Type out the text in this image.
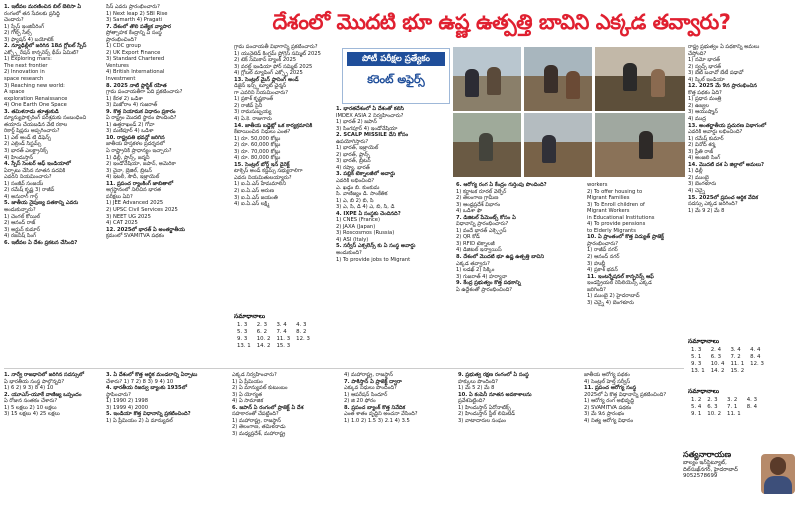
1. ఇటీవల మరణించిన బిల్ బెలిసా ఏ

రంగంలో తన సేవలకు ప్రసిద్ధి

చెందారు?

1) స్పేస్ ఇంజినీరింగ్

2) గోల్ఫ్ సేల్స్

3) ఫ్యాషన్ 4) బయోటెక్

2. న్యూఢిల్లీలో జరిగిన 18వ గ్లోబల్ స్పేస్

ఎక్స్ప్లోరేషన్ కాన్ఫరెన్స్ థీమ్ ఏమిటి?

1) Exploring mars:

The next frontier

2) Innovation in

space research

3) Reaching new world:

A space

exploration Renaissance

4) One Earth One Space

3. తమిళనాడు తూత్తుకుడి

మ్యాన్యుఫాక్చరింగ్ పరిశ్రమకు సంబంధించి

తయారు చేయబడిన వేటి రకాల

రికార్డ్ షిప్లను అప్పగించారు?

1) ఎల్ అండ్ టి డిఫెన్స్

2) ఎల్రిండ్ సిస్టమ్స్

3) భారత్ ఎలక్ట్రానిక్స్

4) హిందుస్తాన్

4. స్పేస్ సెంటర్ ఆఫ్ ఇండియాలో

ఏర్పాటు చేసిన నూతన పదవికి

ఎవరిని నియమించారు?

1) సంజీవ్ సంజయ్

2) రమేష్ కృష్ణ 3) రాజీవ్

4) అనురాగ్ గార్గ్

5. జాతీయ నైపుణ్య పతకాన్ని ఎవరు

అందుకున్నారు?

1) చెంగల్ కోయిల్

2) ఆనంద్ రాజ్

3) అర్జున్ కుమార్

4) రజనీష్ సింగ్

6. ఇటీవల ఏ దేశం ప్రకటన చేసింది?

సిస్ ఎవరు ప్రారంభించారు?

1) Next leap 2) SBI Rise

3) Samarth 4) Pragati

7. దేశంలో తొలి పత్యేక వ్యాపార

ప్రోత్సాహక కేంద్రాన్ని ఏ సంస్థ

ప్రారంభించింది?

1) CDC group

2) UK Export Finance

3) Standard Chartered

Ventures

4) British International

Investment

8. 2025 నాటి ప్లాస్టిక్ రహిత

గ్రామ పంచాయతీగా ఏది ప్రకటించారు?

1) కేరళ 2) ఒడిశా

3) మిజోరాం 4) గుజరాత్

9. కొత్త నియామక విధానం ప్రకారం

ఏ రాష్ట్రం మొదటి స్థానం పొందింది?

1) ఉత్తరాఖండ్ 2) గోవా

3) మణిపూర్ 4) ఒడిశా

10. రాష్ట్రపతి భవన్లో జరిగిన

జాతీయ హస్తకళల ప్రదర్శనలో

ఏ రాష్ట్రానికి ప్రాధాన్యం ఇచ్చారు?

1) ఢిల్లీ, ప్రాన్స్, జర్మనీ

2) ఇండోనేషియా, జపాన్, అమెరికా

3) చైనా, బ్రెజిల్, బ్రిటన్

4) ఇటలీ, సౌదీ, ఇజ్రాయెల్

11. ప్రపంచ ర్యాంకింగ్ జాబితాలో

అగ్రస్థానంలో నిలిచిన భారత

పరీక్షలు ఏవి?

1) JEE Advanced 2025

2) UPSC Civil Services 2025

3) NEET UG 2025

4) CAT 2025

12. 2025లో భారత్ ఏ అంతర్జాతీయ

క్రమంలో SVAMITVA పథకం

గ్రామ పంచాయతీ విభాగాన్ని ప్రకటించారు?

1) యునైటెడ్ కింగ్డమ్ ప్రోగ్రెస్ సమ్మిట్ 2025

2) టెక్ సెమికాన్ బ్యాంక్ 2025

3) వరల్డ్ ఇండియా ఫోర్ సమ్మిట్ 2025

4) గ్లోబల్ మ్యాపింగ్ ఎక్స్పో 2025

13. సెంట్రల్ మైన్ ప్లానింగ్ అండ్

డిజైన్ ఇన్స్టిట్యూట్ ఛైర్మన్

గా ఎవరిని నియమించారు?

1) ప్రకాశ్ కృష్ణకాంత్

2) రాజీవ్ సైనీ

3) రామసుబ్బయ్య

4) ఏ.కె. రాజుగారు

14. జాతీయ బడ్జెట్లో ఒక కార్యక్రమానికి

కేటాయించిన నిధులు ఎంత?

1) రూ. 50,000 కోట్లు

2) రూ. 60,000 కోట్లు

3) రూ. 70,000 కోట్లు

4) రూ. 80,000 కోట్లు

15. సెంట్రల్ బోర్డ్ ఇన్ డైరెక్ట్

టాక్సెస్ అండ్ కస్టమ్స్ సభ్యురాలిగా

ఎవరు నియమితులయ్యారు?

1) ఐ.ఏ.ఎస్ హేమమాలిని

2) ఐ.ఏ.ఎస్ అరుణ

3) ఐ.ఏ.ఎస్ జయంతి

4) ఐ.ఏ.ఎస్ లక్ష్మి

1. భారతదేశంలో ఏ దేశంతో కలిసి

IMDEX ASIA 2 నిర్వహించారు?

1) భారత్ 2) జపాన్

3) సింగపూర్ 4) ఇండోనేషియా

2. SCALP MISSILE దేని కోసం

ఉపయోగిస్తారు?

1) భారత్, ఇజ్రాయెల్

2) భారత్, ఫ్రాన్స్

3) భారత్, బ్రిటన్

4) రష్యా, భారత్

3. పబ్లిక్ టెక్నాలజీలో అవార్డు

ఎవరికి లభించింది?

ఎ. ఖడ్గం బి. కుంకుమ

సి. వాణిజ్యం డి. సాంకేతిక

1) ఎ, బి 2) బి, సి

3) ఎ, సి, డి 4) ఎ, బి, సి, డి

4. IXPE ఏ సంస్థకు చెందినది?

1) CNES (France)

2) JAXA (Japan)

3) Roscosmos (Russia)

4) ASI (Italy)

5. సర్వీస్ ఎక్సలెన్స్ కు ఏ సంస్థ అవార్డు

అందుకుంది?

1) To provide jobs to Migrant

6. ఆరోగ్య రంగ ఏ కేంద్రం గుర్తింపు పొందింది?

1) కర్ణాటక రూరల్ వెల్ఫేర్

2) తెలంగాణ గ్రామీణ

3) ఆంధ్రప్రదేశ్ విభాగం

4) ఒడిశా ఫౌ

7. డిజిటల్ పేమెంట్స్ కోసం ఏ

విధానాన్ని ప్రారంభించారు?

1) వందే భారత్ ఎక్స్ప్రెస్

2) QR కోడ్

3) RFID టెక్నాలజీ

4) డిజిటల్ ఇన్వాయిస్

8. దేశంలో మొదటి భూ ఉష్ణ ఉత్పత్తి బావిని

ఎక్కడ తవ్వారు?

1) లడఖ్ 2) సిక్కిం

3) గుజరాత్ 4) హర్యానా

9. కేంద్ర ప్రభుత్వం కొత్త పథకాన్ని

ఏ ఉద్దేశంతో ప్రారంభించింది?

workers

2) To offer housing to

Migrant Families

3) To Enroll children of

Migrant Workers

in Educational Institutions

4) To provide pensions

to Elderly Migrants

10. ఏ ప్రాంతంలో కొత్త విద్యుత్ ప్రాజెక్ట్

ప్రారంభించారు?

1) రాజీవ్ నగర్

2) ఆనంద్ నగర్

3) హుబ్లీ

4) ప్రకాశ్ భవన్

11. ఇంటర్నేషనల్ కాన్ఫరెన్స్ ఆఫ్

ఇండస్ట్రియల్ రెసిలియెన్స్ ఎక్కడ

జరిగింది?

1) ముంబై 2) హైదరాబాద్

3) చెన్నై 4) బెంగళూరు

రాష్ట్ర ప్రభుత్వం ఏ పథకాన్ని అమలు

చేస్తోంది?

1) నమో భారత్

2) స్వచ్ఛ్ భారత్

3) బేటీ బచావో బేటీ పఢావో

4) స్కిల్ ఇండియా

12. 2025 మే 9న ప్రారంభించిన

కొత్త పథకం ఏది?

1) ప్రధాన మంత్రి

2) ఉజ్వల

3) ఆయుష్మాన్

4) ముద్ర

13. అంతర్జాతీయ ప్రచురణ విభాగంలో

ఎవరికి అవార్డు లభించింది?

1) రమేష్ కుమార్

2) వినోద్ శర్మ

3) ప్రీతి రాజ్

4) అంజలి సింగ్

14. మొదటి దశ ఏ జిల్లాలో అమలు?

1) ఢిల్లీ

2) ముంబై

3) బెంగళూరు

4) చెన్నై

15. 2025లో ప్రపంచ ఆర్థిక వేదిక

సదస్సు ఎక్కడ జరిగింది?

1) మే 9 2) మే 8

దేశంలో మొదటి భూ ఉష్ణ ఉత్పత్తి బావిని ఎక్కడ తవ్వారు?
పోటీ పరీక్షల ప్రత్యేకం
కరెంట్ అఫైర్స్
సమాధానాలు
1. 3	2. 3	3. 4	4. 3
5. 3	6. 2	7. 4	8. 2
9. 3	10. 2	11. 3	12. 3
13. 1	14. 2	15. 3	
సమాధానాలు
1. 3	2. 4	3. 4	4. 4
5. 1	6. 3	7. 2	8. 4
9. 3	10. 4	11. 1	12. 3
13. 1	14. 2	15. 2	
సమాధానాలు
1. 2	2. 3	3. 2	4. 3
5. 4	6. 3	7. 1	8. 4
9. 1	10. 2	11. 1	

1. నార్వే రాజధానిలో జరిగిన సదస్సులో

ఏ భారతీయ సంస్థ పాల్గొన్నది?

1) 6 2) 9 3) 8 4) 10

2. యూఎస్-యూకే వాణిజ్య ఒప్పందం

ఏ రోజున సంతకం చేశారు?

1) 5 లక్షలు 2) 10 లక్షలు

3) 15 లక్షలు 4) 25 లక్షలు

3. ఏ దేశంలో కొత్త ఆర్థిక మండలాన్ని ఏర్పాటు

చేశారు? 1) 7 2) 8 3) 9 4) 10

4. భారతీయ రిజర్వు బ్యాంకు 1935లో

స్థాపించారు?

1) 1990 2) 1998

3) 1999 4) 2000

5. ఇండియా కొత్త విధానాన్ని ప్రకటించింది?

1) ఏ ప్రీమియం 2) ఏ మాన్యువల్

ఎక్కడ నిర్వహించారు?

1) ఏ ప్రీమియం

2) ఏ మాన్యువల్ కుటుంబం

3) ఏ యోగ్యత

4) ఏ సామాజిక

6. జపాన్ ఏ రంగంలో ప్రాజెక్ట్ ఏ దేశ

సహకారంతో చేపట్టింది?

1) మహారాష్ట్ర, రాజస్థాన్

2) తెలంగాణ, తమిళనాడు

3) మధ్యప్రదేశ్, మహారాష్ట్ర

4) మహారాష్ట్ర, రాజస్థాన్

7. పాకిస్తాన్ ఏ ప్రాజెక్ట్ ద్వారా

ఎక్కువ నిధులు పొందింది?

1) ఆపరేషన్ సిందూర్

2) జి 20 ఫోరం

8. ప్రపంచ బ్యాంక్ కొత్త నివేదిక

ఎంత శాతం వృద్ధిని అంచనా వేసింది?

1) 1.0 2) 1.5 3) 2.1 4) 3.5

9. ప్రభుత్వ రక్షణ రంగంలో ఏ సంస్థ

హక్కులు పొందింది?

1) మే 5 2) మే 8

10. ఏ కంపెనీ నూతన అవకాశాలను

ప్రవేశపెట్టింది?

1) హిందుస్తాన్ ఏరోనాటిక్స్

2) హిందుస్తాన్ స్టీల్ లిమిటెడ్

3) వాటాదారుల సంఘం

జాతీయ ఆరోగ్య పథకం

4) సెంట్రల్ హెల్త్ సర్వీస్

11. ప్రపంచ ఆరోగ్య సంస్థ

2025లో ఏ కొత్త విధానాన్ని ప్రకటించింది?

1) ఆరోగ్య రంగ అభివృద్ధి

2) SVAMITVA పథకం

3) మే 9న ప్రారంభం

4) నిత్య ఆరోగ్య విధానం

సత్యనారాయణ
బాల్యం ఇన్‌స్టిట్యూట్,
దిల్‌సుఖ్‌నగర్, హైదరాబాద్
9052578699
